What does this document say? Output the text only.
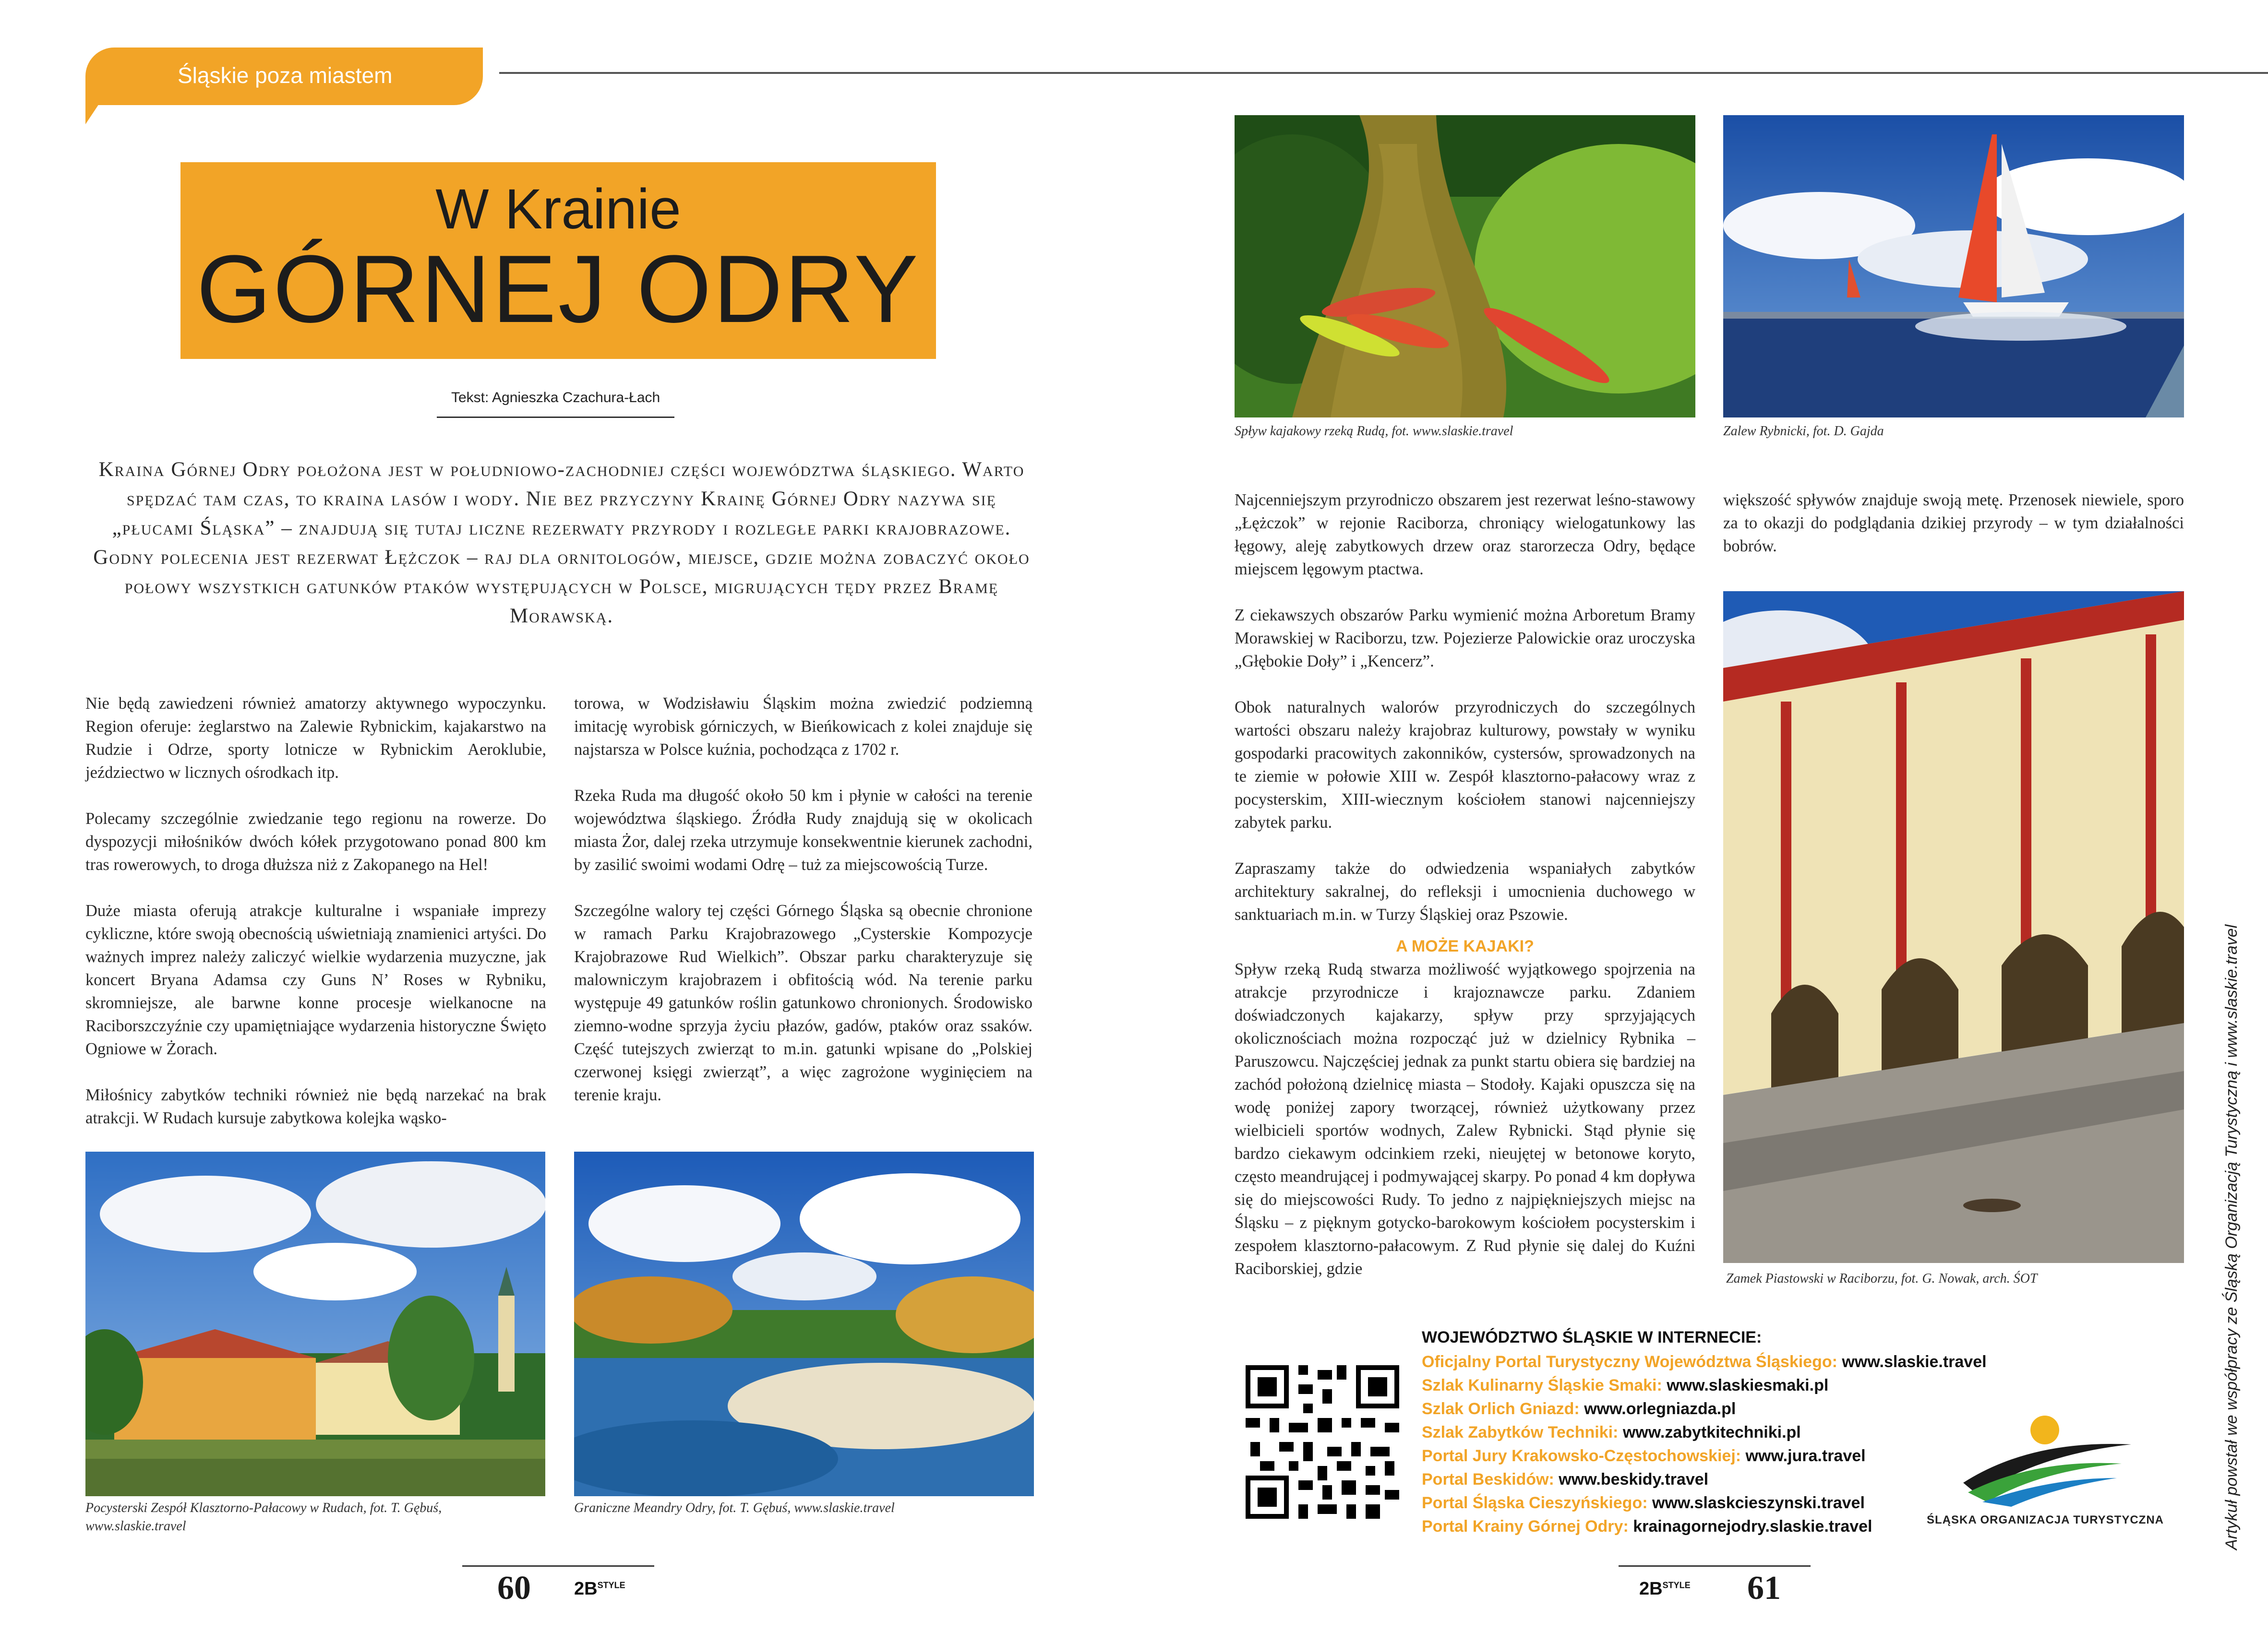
Śląskie poza miastem
W Krainie
GÓRNEJ ODRY
Tekst: Agnieszka Czachura-Łach
Kraina Górnej Odry położona jest w południowo-zachodniej części województwa śląskiego. Warto spędzać tam czas, to kraina lasów i wody. Nie bez przyczyny Krainę Górnej Odry nazywa się „płucami Śląska” – znajdują się tutaj liczne rezerwaty przyrody i rozległe parki krajobrazowe. Godny polecenia jest rezerwat Łężczok – raj dla ornitologów, miejsce, gdzie można zobaczyć około połowy wszystkich gatunków ptaków występujących w Polsce, migrujących tędy przez Bramę Morawską.

Nie będą zawiedzeni również amatorzy aktywnego wypoczynku. Region oferuje: żeglarstwo na Zalewie Rybnickim, kajakarstwo na Rudzie i Odrze, sporty lotnicze w Rybnickim Aeroklubie, jeździectwo w licznych ośrodkach itp.

Polecamy szczególnie zwiedzanie tego regionu na rowerze. Do dyspozycji miłośników dwóch kółek przygotowano ponad 800 km tras rowerowych, to droga dłuższa niż z Zakopanego na Hel!

Duże miasta oferują atrakcje kulturalne i wspaniałe imprezy cykliczne, które swoją obecnością uświetniają znamienici artyści. Do ważnych imprez należy zaliczyć wielkie wydarzenia muzyczne, jak koncert Bryana Adamsa czy Guns N’ Roses w Rybniku, skromniejsze, ale barwne konne procesje wielkanocne na Raciborszczyźnie czy upamiętniające wydarzenia historyczne Święto Ogniowe w Żorach.

Miłośnicy zabytków techniki również nie będą narzekać na brak atrakcji. W Rudach kursuje zabytkowa kolejka wąsko-

torowa, w Wodzisławiu Śląskim można zwiedzić podziemną imitację wyrobisk górniczych, w Bieńkowicach z kolei znajduje się najstarsza w Polsce kuźnia, pochodząca z 1702 r.

Rzeka Ruda ma długość około 50 km i płynie w całości na terenie województwa śląskiego. Źródła Rudy znajdują się w okolicach miasta Żor, dalej rzeka utrzymuje konsekwentnie kierunek zachodni, by zasilić swoimi wodami Odrę – tuż za miejscowością Turze.

Szczególne walory tej części Górnego Śląska są obecnie chronione w ramach Parku Krajobrazowego „Cysterskie Kompozycje Krajobrazowe Rud Wielkich”. Obszar parku charakteryzuje się malowniczym krajobrazem i obfitością wód. Na terenie parku występuje 49 gatunków roślin gatunkowo chronionych. Środowisko ziemno-wodne sprzyja życiu płazów, gadów, ptaków oraz ssaków. Część tutejszych zwierząt to m.in. gatunki wpisane do „Polskiej czerwonej księgi zwierząt”, a więc zagrożone wyginięciem na terenie kraju.

Pocysterski Zespół Klasztorno-Pałacowy w Rudach, fot. T. Gębuś, www.slaskie.travel
Graniczne Meandry Odry, fot. T. Gębuś, www.slaskie.travel
60 $2B^{STYLE}$
Spływ kajakowy rzeką Rudą, fot. www.slaskie.travel	Zalew Rybnicki, fot. D. Gajda

Najcenniejszym przyrodniczo obszarem jest rezerwat leśno-stawowy „Łężczok” w rejonie Raciborza, chroniący wielogatunkowy las łęgowy, aleję zabytkowych drzew oraz starorzecza Odry, będące miejscem lęgowym ptactwa.

Z ciekawszych obszarów Parku wymienić można Arboretum Bramy Morawskiej w Raciborzu, tzw. Pojezierze Palowickie oraz uroczyska „Głębokie Doły” i „Kencerz”.

Obok naturalnych walorów przyrodniczych do szczególnych wartości obszaru należy krajobraz kulturowy, powstały w wyniku gospodarki pracowitych zakonników, cystersów, sprowadzonych na te ziemie w połowie XIII w. Zespół klasztorno-pałacowy wraz z pocysterskim, XIII-wiecznym kościołem stanowi najcenniejszy zabytek parku.

Zapraszamy także do odwiedzenia wspaniałych zabytków architektury sakralnej, do refleksji i umocnienia duchowego w sanktuariach m.in. w Turzy Śląskiej oraz Pszowie.

A MOŻE KAJAKI?

Spływ rzeką Rudą stwarza możliwość wyjątkowego spojrzenia na atrakcje przyrodnicze i krajoznawcze parku. Zdaniem doświadczonych kajakarzy, spływ przy sprzyjających okolicznościach można rozpocząć już w dzielnicy Rybnika – Paruszowcu. Najczęściej jednak za punkt startu obiera się bardziej na zachód położoną dzielnicę miasta – Stodoły. Kajaki opuszcza się na wodę poniżej zapory tworzącej, również użytkowany przez wielbicieli sportów wodnych, Zalew Rybnicki. Stąd płynie się bardzo ciekawym odcinkiem rzeki, nieujętej w betonowe koryto, często meandrującej i podmywającej skarpy. Po ponad 4 km dopływa się do miejscowości Rudy. To jedno z najpiękniejszych miejsc na Śląsku – z pięknym gotycko-barokowym kościołem pocysterskim i zespołem klasztorno-pałacowym. Z Rud płynie się dalej do Kuźni Raciborskiej, gdzie

większość spływów znajduje swoją metę. Przenosek niewiele, sporo za to okazji do podglądania dzikiej przyrody – w tym działalności bobrów.

Zamek Piastowski w Raciborzu, fot. G. Nowak, arch. ŚOT
WOJEWÓDZTWO ŚLĄSKIE W INTERNECIE:
Oficjalny Portal Turystyczny Województwa Śląskiego: www.slaskie.travel
Szlak Kulinarny Śląskie Smaki: www.slaskiesmaki.pl
Szlak Orlich Gniazd: www.orlegniazda.pl
Szlak Zabytków Techniki: www.zabytkitechniki.pl
Portal Jury Krakowsko-Częstochowskiej: www.jura.travel
Portal Beskidów: www.beskidy.travel
Portal Śląska Cieszyńskiego: www.slaskcieszynski.travel
Portal Krainy Górnej Odry: krainagornejodry.slaskie.travel	ŚLĄSKA ORGANIZACJA TURYSTYCZNA	Artykuł powstał we współpracy ze Śląską Organizacją Turystyczną i www.slaskie.travel
$2B^{STYLE}$ 61
